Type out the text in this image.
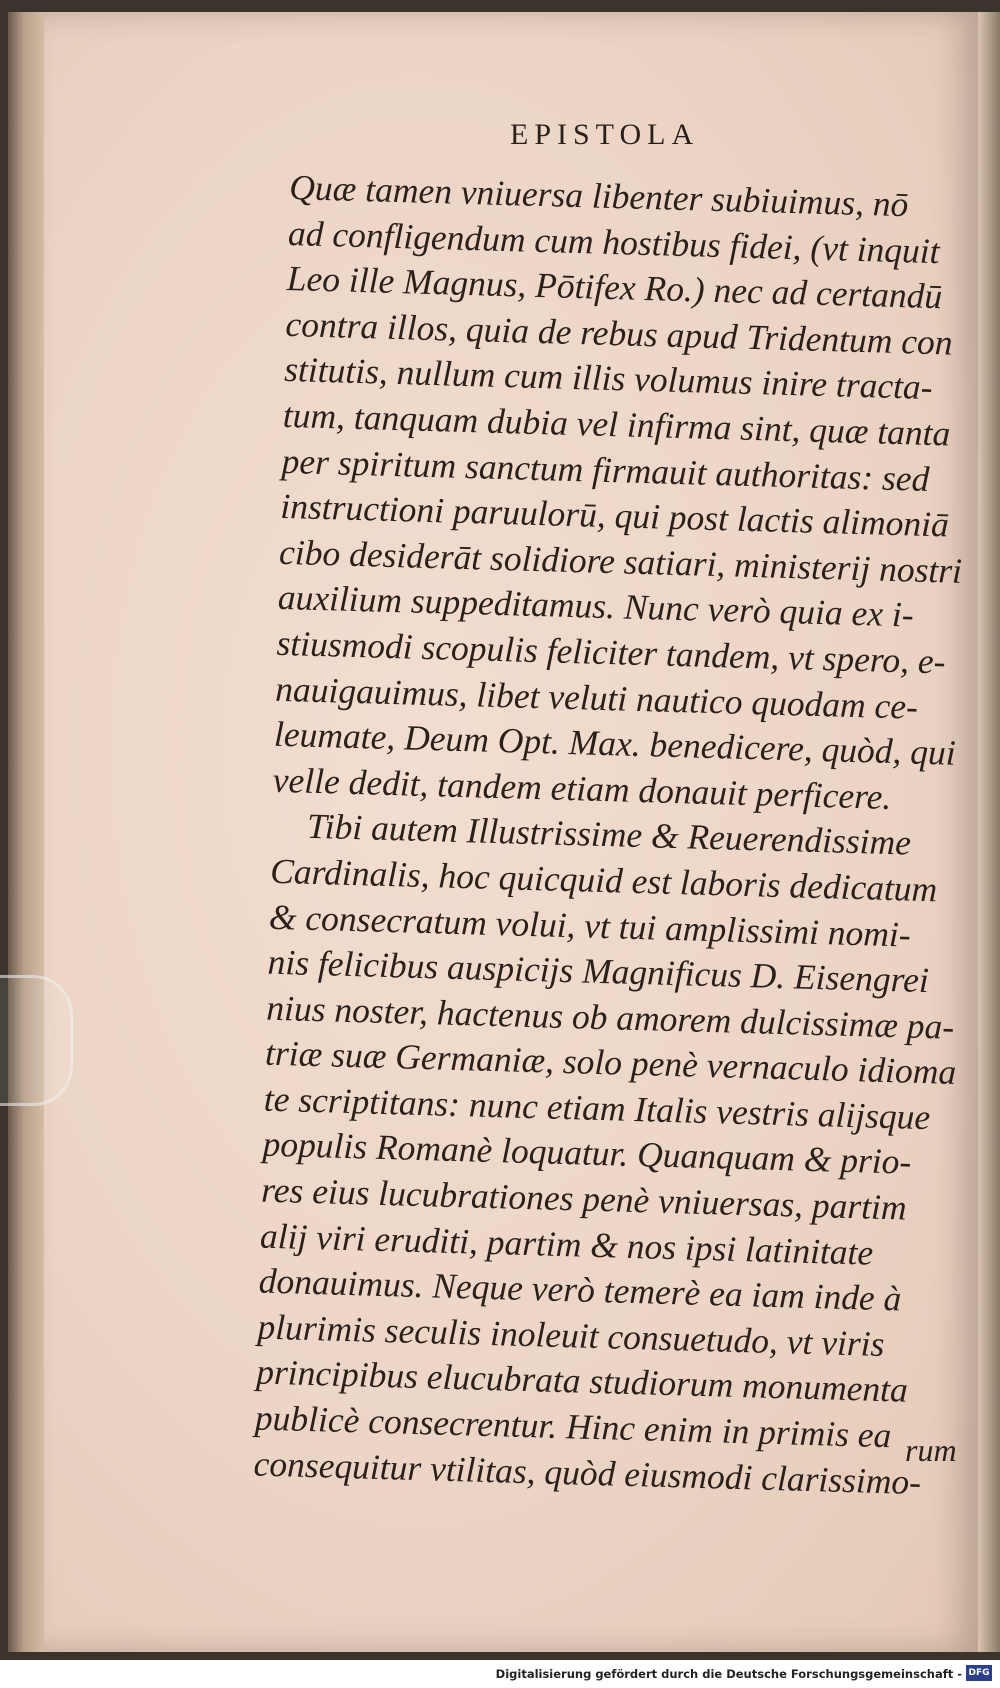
EPISTOLA
Quæ tamen vniuersa libenter subiuimus, nō
ad confligendum cum hostibus fidei, (vt inquit
Leo ille Magnus, Pōtifex Ro.) nec ad certandū
contra illos, quia de rebus apud Tridentum con
stitutis, nullum cum illis volumus inire tracta-
tum, tanquam dubia vel infirma sint, quæ tanta
per spiritum sanctum firmauit authoritas: sed
instructioni paruulorū, qui post lactis alimoniā
cibo desiderāt solidiore satiari, ministerij nostri
auxilium suppeditamus. Nunc verò quia ex i-
stiusmodi scopulis feliciter tandem, vt spero, e-
nauigauimus, libet veluti nautico quodam ce-
leumate, Deum Opt. Max. benedicere, quòd, qui
velle dedit, tandem etiam donauit perficere.
Tibi autem Illustrissime & Reuerendissime
Cardinalis, hoc quicquid est laboris dedicatum
& consecratum volui, vt tui amplissimi nomi-
nis felicibus auspicijs Magnificus D. Eisengrei
nius noster, hactenus ob amorem dulcissimæ pa-
triæ suæ Germaniæ, solo penè vernaculo idioma
te scriptitans: nunc etiam Italis vestris alijsque
populis Romanè loquatur. Quanquam & prio-
res eius lucubrationes penè vniuersas, partim
alij viri eruditi, partim & nos ipsi latinitate
donauimus. Neque verò temerè ea iam inde à
plurimis seculis inoleuit consuetudo, vt viris
principibus elucubrata studiorum monumenta
publicè consecrentur. Hinc enim in primis ea
consequitur vtilitas, quòd eiusmodi clarissimo-
rum
Digitalisierung gefördert durch die Deutsche Forschungsgemeinschaft - DFG
